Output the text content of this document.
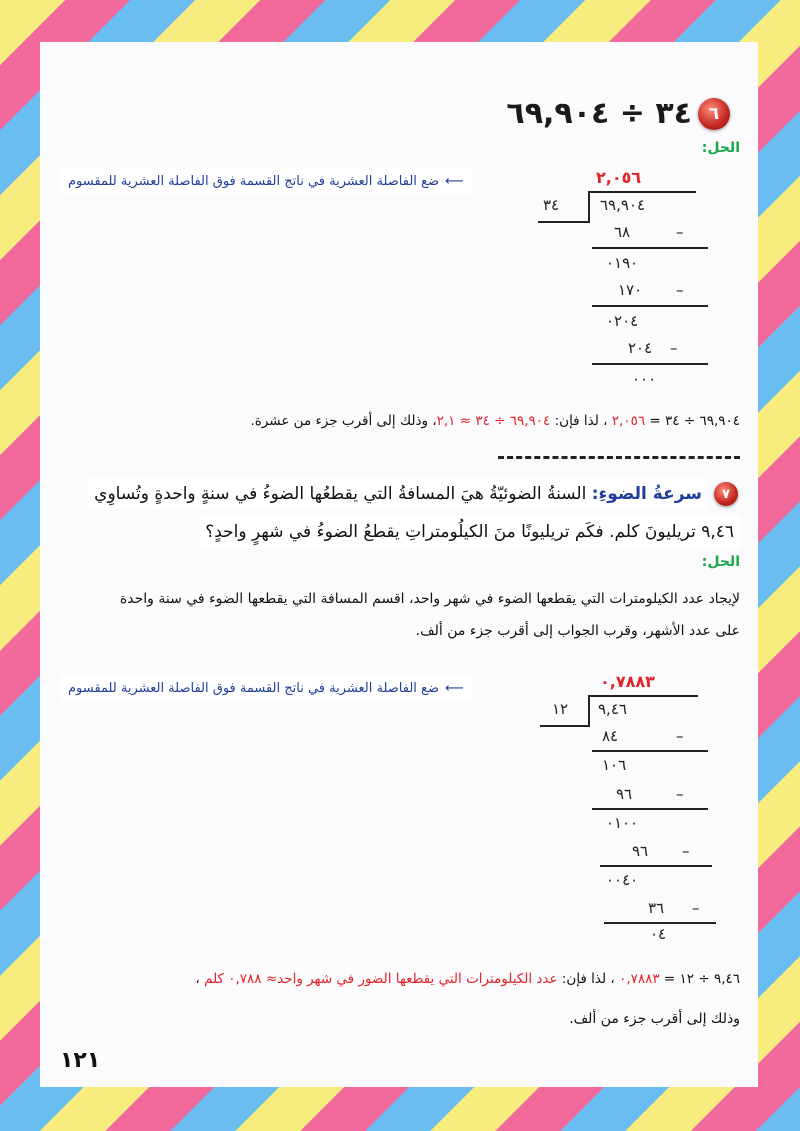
٦
٣٤ ÷ ٦٩,٩٠٤
الحل:
ضع الفاصلة العشرية في ناتج القسمة فوق الفاصلة العشرية للمقسوم ⟵	٢,٠٥٦
٣٤	٦٩,٩٠٤
٦٨	–
٠١٩٠
١٧٠ –
٠٢٠٤
٢٠٤ –
٠٠٠
٦٩,٩٠٤ ÷ ٣٤ = ٢,٠٥٦ ، لذا فإن: ٦٩,٩٠٤ ÷ ٣٤ ≈ ٢,١، وذلك إلى أقرب جزء من عشرة.
٧
سرعةُ الضوءِ: السنةُ الضوئيّةُ هيَ المسافةُ التي يقطعُها الضوءُ في سنةٍ واحدةٍ وتُساوِي
٩,٤٦ تريليونَ كلم. فكَم تريليونًا منَ الكيلُومتراتِ يقطعُ الضوءُ في شهرٍ واحدٍ؟
الحل:
لإيجاد عدد الكيلومترات التي يقطعها الضوء في شهر واحد، اقسم المسافة التي يقطعها الضوء في سنة واحدة
على عدد الأشهر، وقرب الجواب إلى أقرب جزء من ألف.
ضع الفاصلة العشرية في ناتج القسمة فوق الفاصلة العشرية للمقسوم ⟵	٠,٧٨٨٣
١٢ ٩,٤٦
٨٤	–
١٠٦
٩٦	–
٠١٠٠
٩٦ –
٠٠٤٠
٣٦ –
٠٤
٩,٤٦ ÷ ١٢ = ٠,٧٨٨٣ ، لذا فإن: عدد الكيلومترات التي يقطعها الضور في شهر واحد≈ ٠,٧٨٨ كلم ،
وذلك إلى أقرب جزء من ألف.
١٢١
